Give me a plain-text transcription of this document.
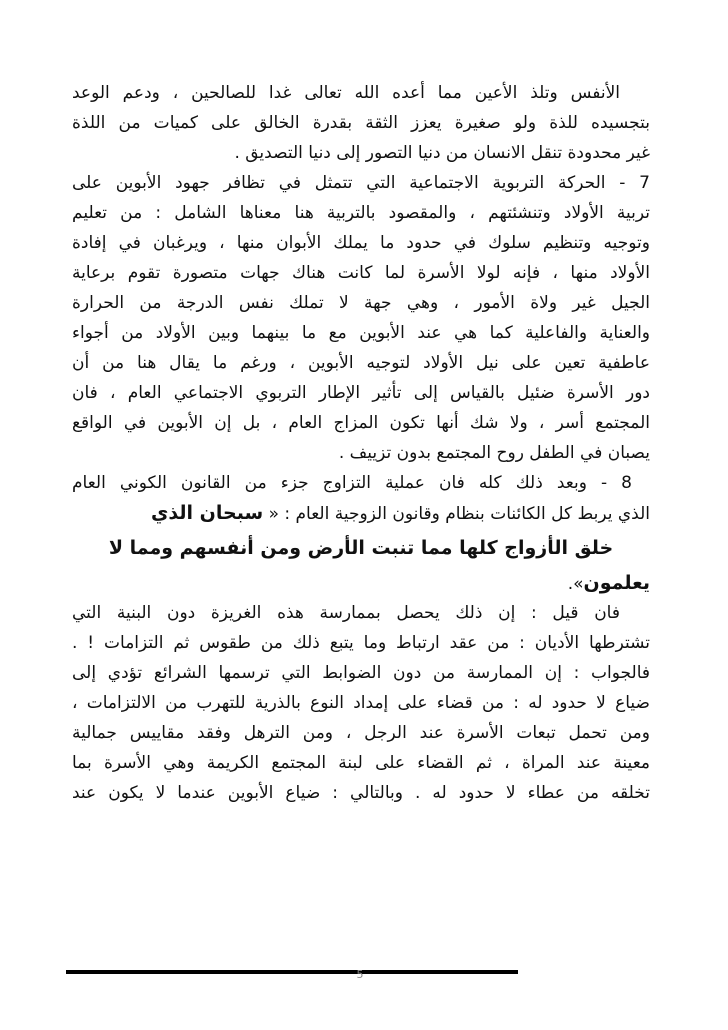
الأنفس وتلذ الأعين مما أعده الله تعالى غدا للصالحين ، ودعم الوعد
بتجسيده للذة ولو صغيرة يعزز الثقة بقدرة الخالق على كميات من اللذة
غير محدودة تنقل الانسان من دنيا التصور إلى دنيا التصديق .
7 - الحركة التربوية الاجتماعية التي تتمثل في تظافر جهود الأبوين على
تربية الأولاد وتنشئتهم ، والمقصود بالتربية هنا معناها الشامل : من تعليم
وتوجيه وتنظيم سلوك في حدود ما يملك الأبوان منها ، ويرغبان في إفادة
الأولاد منها ، فإنه لولا الأسرة لما كانت هناك جهات متصورة تقوم برعاية
الجيل غير ولاة الأمور ، وهي جهة لا تملك نفس الدرجة من الحرارة
والعناية والفاعلية كما هي عند الأبوين مع ما بينهما وبين الأولاد من أجواء
عاطفية تعين على نيل الأولاد لتوجيه الأبوين ، ورغم ما يقال هنا من أن
دور الأسرة ضئيل بالقياس إلى تأثير الإطار التربوي الاجتماعي العام ، فان
المجتمع أسر ، ولا شك أنها تكون المزاج العام ، بل إن الأبوين في الواقع
يصبان في الطفل روح المجتمع بدون تزييف .
8 - وبعد ذلك كله فان عملية التزاوج جزء من القانون الكوني العام
الذي يربط كل الكائنات بنظام وقانون الزوجية العام : « سبحان الذي
خلق الأزواج كلها مما تنبت الأرض ومن أنفسهم ومما لا
يعلمون».
فان قيل : إن ذلك يحصل بممارسة هذه الغريزة دون البنية التي
تشترطها الأديان : من عقد ارتباط وما يتبع ذلك من طقوس ثم التزامات ! .
فالجواب : إن الممارسة من دون الضوابط التي ترسمها الشرائع تؤدي إلى
ضياع لا حدود له : من قضاء على إمداد النوع بالذرية للتهرب من الالتزامات ،
ومن تحمل تبعات الأسرة عند الرجل ، ومن الترهل وفقد مقاييس جمالية
معينة عند المراة ، ثم القضاء على لبنة المجتمع الكريمة وهي الأسرة بما
تخلقه من عطاء لا حدود له . وبالتالي : ضياع الأبوين عندما لا يكون عند
5
